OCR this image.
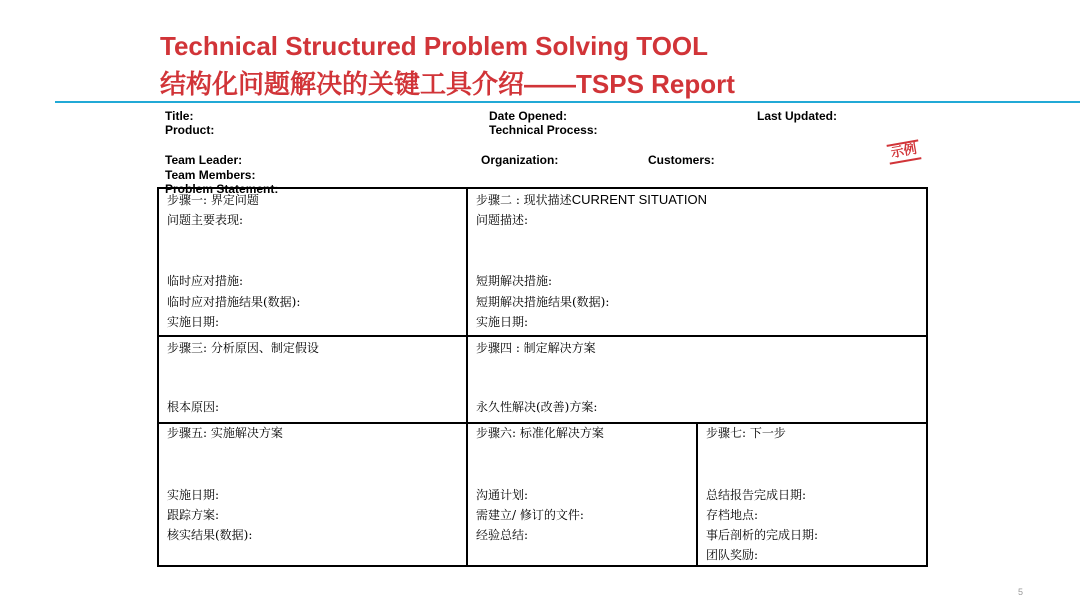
Technical Structured Problem Solving TOOL
结构化问题解决的关键工具介绍——TSPS Report
Title:	Date Opened:	Last Updated:
Product:	Technical Process:
Team Leader:	Organization:	Customers:
Team Members:
Problem Statement:
示例
步骤一: 界定问题
问题主要表现:
临时应对措施:
临时应对措施结果(数据):
实施日期:
步骤二 : 现状描述CURRENT SITUATION
问题描述:
短期解决措施:
短期解决措施结果(数据):
实施日期:
步骤三: 分析原因、制定假设
根本原因:
步骤四 : 制定解决方案
永久性解决(改善)方案:
步骤五: 实施解决方案
实施日期:
跟踪方案:
核实结果(数据):
步骤六: 标准化解决方案
沟通计划:
需建立/ 修订的文件:
经验总结:
步骤七: 下一步
总结报告完成日期:
存档地点:
事后剖析的完成日期:
团队奖励:
5
